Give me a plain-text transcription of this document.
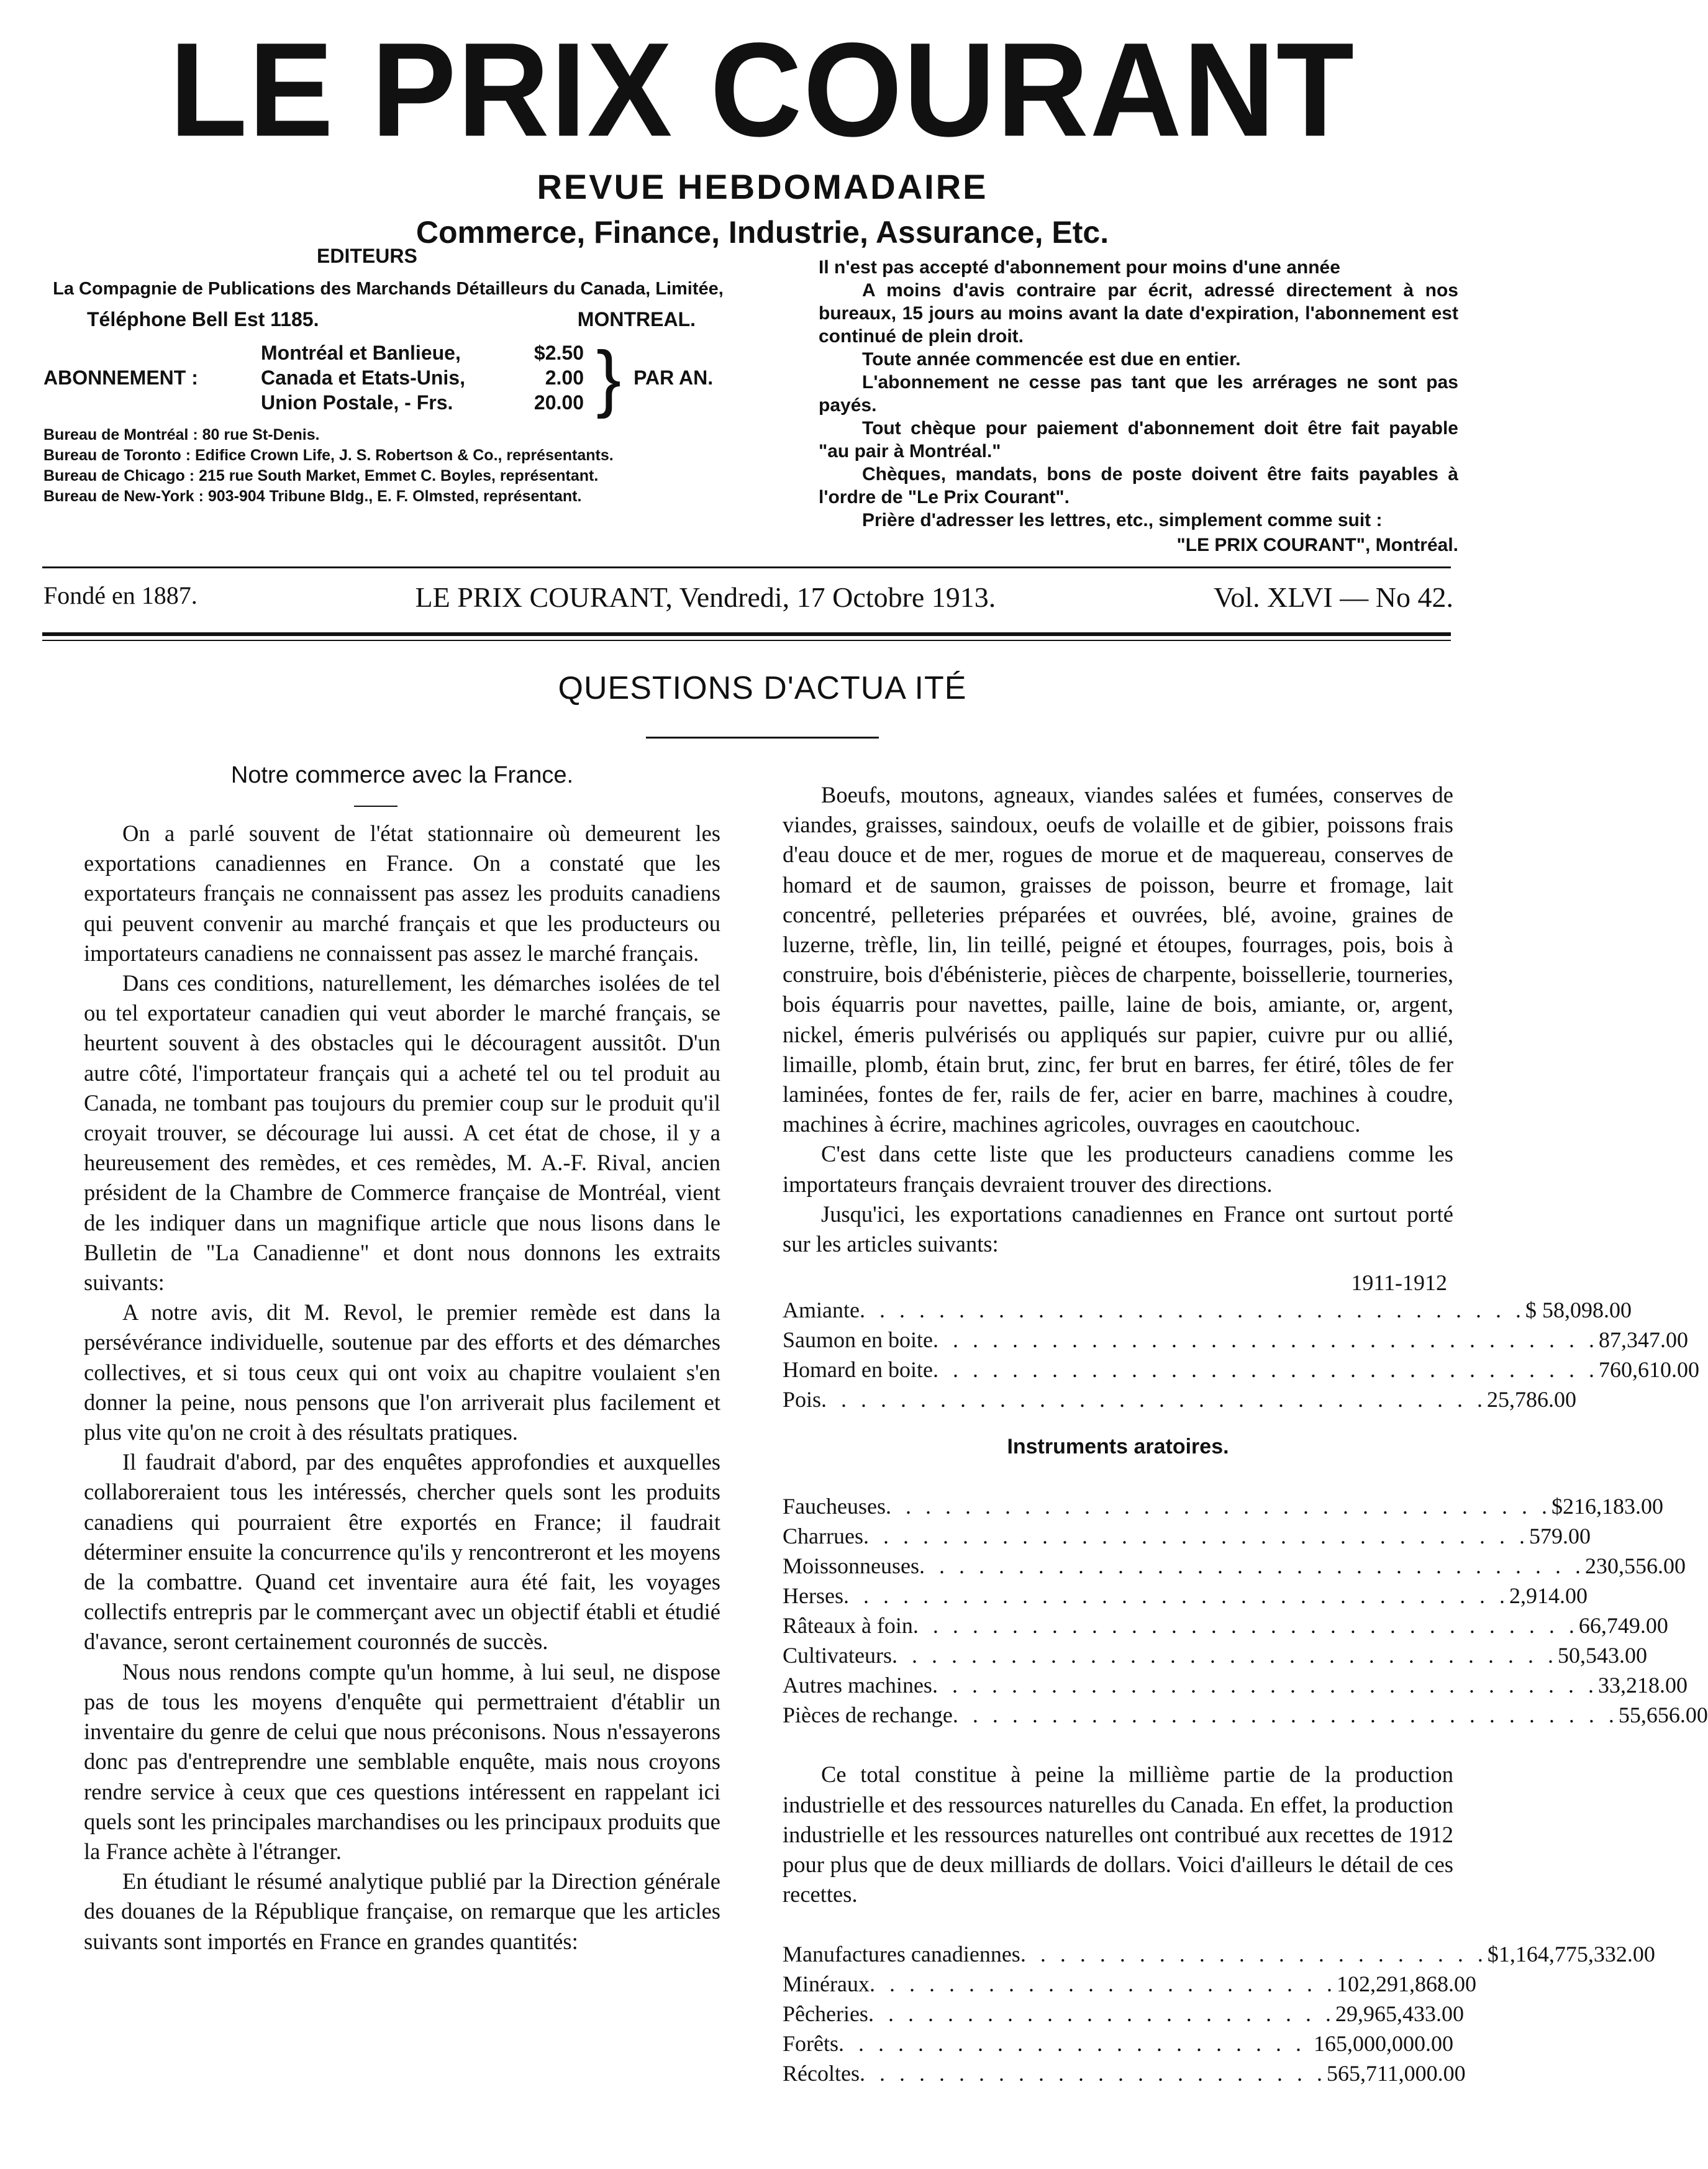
LE PRIX COURANT
REVUE HEBDOMADAIRE
Commerce, Finance, Industrie, Assurance, Etc.
EDITEURS
La Compagnie de Publications des Marchands Détailleurs du Canada, Limitée,
Téléphone Bell Est 1185.	MONTREAL.
ABONNEMENT :
Montréal et Banlieue,	$2.50
Canada et Etats-Unis,	2.00
Union Postale, - Frs.	20.00 } PAR AN.
Bureau de Montréal : 80 rue St-Denis.
Bureau de Toronto : Edifice Crown Life, J. S. Robertson & Co., représentants.
Bureau de Chicago : 215 rue South Market, Emmet C. Boyles, représentant.
Bureau de New-York : 903-904 Tribune Bldg., E. F. Olmsted, représentant.

Il n'est pas accepté d'abonnement pour moins d'une année

A moins d'avis contraire par écrit, adressé directement à nos bureaux, 15 jours au moins avant la date d'expiration, l'abonnement est continué de plein droit.

Toute année commencée est due en entier.

L'abonnement ne cesse pas tant que les arrérages ne sont pas payés.

Tout chèque pour paiement d'abonnement doit être fait payable "au pair à Montréal."

Chèques, mandats, bons de poste doivent être faits payables à l'ordre de "Le Prix Courant".

Prière d'adresser les lettres, etc., simplement comme suit :

"LE PRIX COURANT", Montréal.
Fondé en 1887.	LE PRIX COURANT, Vendredi, 17 Octobre 1913.	Vol. XLVI — No 42.
QUESTIONS D'ACTUA ITÉ
Notre commerce avec la France.

On a parlé souvent de l'état stationnaire où demeurent les exportations canadiennes en France. On a constaté que les exportateurs français ne connaissent pas assez les produits canadiens qui peuvent convenir au marché français et que les producteurs ou importateurs canadiens ne connaissent pas assez le marché français.

Dans ces conditions, naturellement, les démarches isolées de tel ou tel exportateur canadien qui veut aborder le marché français, se heurtent souvent à des obstacles qui le découragent aussitôt. D'un autre côté, l'importateur français qui a acheté tel ou tel produit au Canada, ne tombant pas toujours du premier coup sur le produit qu'il croyait trouver, se décourage lui aussi. A cet état de chose, il y a heureusement des remèdes, et ces remèdes, M. A.-F. Rival, ancien président de la Chambre de Commerce française de Montréal, vient de les indiquer dans un magnifique article que nous lisons dans le Bulletin de "La Canadienne" et dont nous donnons les extraits suivants:

A notre avis, dit M. Revol, le premier remède est dans la persévérance individuelle, soutenue par des efforts et des démarches collectives, et si tous ceux qui ont voix au chapitre voulaient s'en donner la peine, nous pensons que l'on arriverait plus facilement et plus vite qu'on ne croit à des résultats pratiques.

Il faudrait d'abord, par des enquêtes approfondies et auxquelles collaboreraient tous les intéressés, chercher quels sont les produits canadiens qui pourraient être exportés en France; il faudrait déterminer ensuite la concurrence qu'ils y rencontreront et les moyens de la combattre. Quand cet inventaire aura été fait, les voyages collectifs entrepris par le commerçant avec un objectif établi et étudié d'avance, seront certainement couronnés de succès.

Nous nous rendons compte qu'un homme, à lui seul, ne dispose pas de tous les moyens d'enquête qui permettraient d'établir un inventaire du genre de celui que nous préconisons. Nous n'essayerons donc pas d'entreprendre une semblable enquête, mais nous croyons rendre service à ceux que ces questions intéressent en rappelant ici quels sont les principales marchandises ou les principaux produits que la France achète à l'étranger.

En étudiant le résumé analytique publié par la Direction générale des douanes de la République française, on remarque que les articles suivants sont importés en France en grandes quantités:

Boeufs, moutons, agneaux, viandes salées et fumées, conserves de viandes, graisses, saindoux, oeufs de volaille et de gibier, poissons frais d'eau douce et de mer, rogues de morue et de maquereau, conserves de homard et de saumon, graisses de poisson, beurre et fromage, lait concentré, pelleteries préparées et ouvrées, blé, avoine, graines de luzerne, trèfle, lin, lin teillé, peigné et étoupes, fourrages, pois, bois à construire, bois d'ébénisterie, pièces de charpente, boissellerie, tourneries, bois équarris pour navettes, paille, laine de bois, amiante, or, argent, nickel, émeris pulvérisés ou appliqués sur papier, cuivre pur ou allié, limaille, plomb, étain brut, zinc, fer brut en barres, fer étiré, tôles de fer laminées, fontes de fer, rails de fer, acier en barre, machines à coudre, machines à écrire, machines agricoles, ouvrages en caoutchouc.

C'est dans cette liste que les producteurs canadiens comme les importateurs français devraient trouver des directions.

Jusqu'ici, les exportations canadiennes en France ont surtout porté sur les articles suivants:

1911-1912
Amiante . . . . . . . . . . . . . . . . . . . . . . . . . . . . . . . . . . $ 58,098.00
Saumon en boite . . . . . . . . . . . . . . . . . . . . . . . . . . . . . . . . . . 87,347.00
Homard en boite . . . . . . . . . . . . . . . . . . . . . . . . . . . . . . . . . . 760,610.00
Pois . . . . . . . . . . . . . . . . . . . . . . . . . . . . . . . . . . 25,786.00
Instruments aratoires.
Faucheuses . . . . . . . . . . . . . . . . . . . . . . . . . . . . . . . . . . $216,183.00
Charrues . . . . . . . . . . . . . . . . . . . . . . . . . . . . . . . . . . 579.00
Moissonneuses . . . . . . . . . . . . . . . . . . . . . . . . . . . . . . . . . . 230,556.00
Herses . . . . . . . . . . . . . . . . . . . . . . . . . . . . . . . . . . 2,914.00
Râteaux à foin . . . . . . . . . . . . . . . . . . . . . . . . . . . . . . . . . . 66,749.00
Cultivateurs . . . . . . . . . . . . . . . . . . . . . . . . . . . . . . . . . . 50,543.00
Autres machines . . . . . . . . . . . . . . . . . . . . . . . . . . . . . . . . . . 33,218.00
Pièces de rechange . . . . . . . . . . . . . . . . . . . . . . . . . . . . . . . . . . 55,656.00

Ce total constitue à peine la millième partie de la production industrielle et des ressources naturelles du Canada. En effet, la production industrielle et les ressources naturelles ont contribué aux recettes de 1912 pour plus que de deux milliards de dollars. Voici d'ailleurs le détail de ces recettes.

Manufactures canadiennes . . . . . . . . . . . . . . . . . . . . . . . . $1,164,775,332.00
Minéraux . . . . . . . . . . . . . . . . . . . . . . . . 102,291,868.00
Pêcheries . . . . . . . . . . . . . . . . . . . . . . . . 29,965,433.00
Forêts . . . . . . . . . . . . . . . . . . . . . . . . 165,000,000.00
Récoltes . . . . . . . . . . . . . . . . . . . . . . . . 565,711,000.00
